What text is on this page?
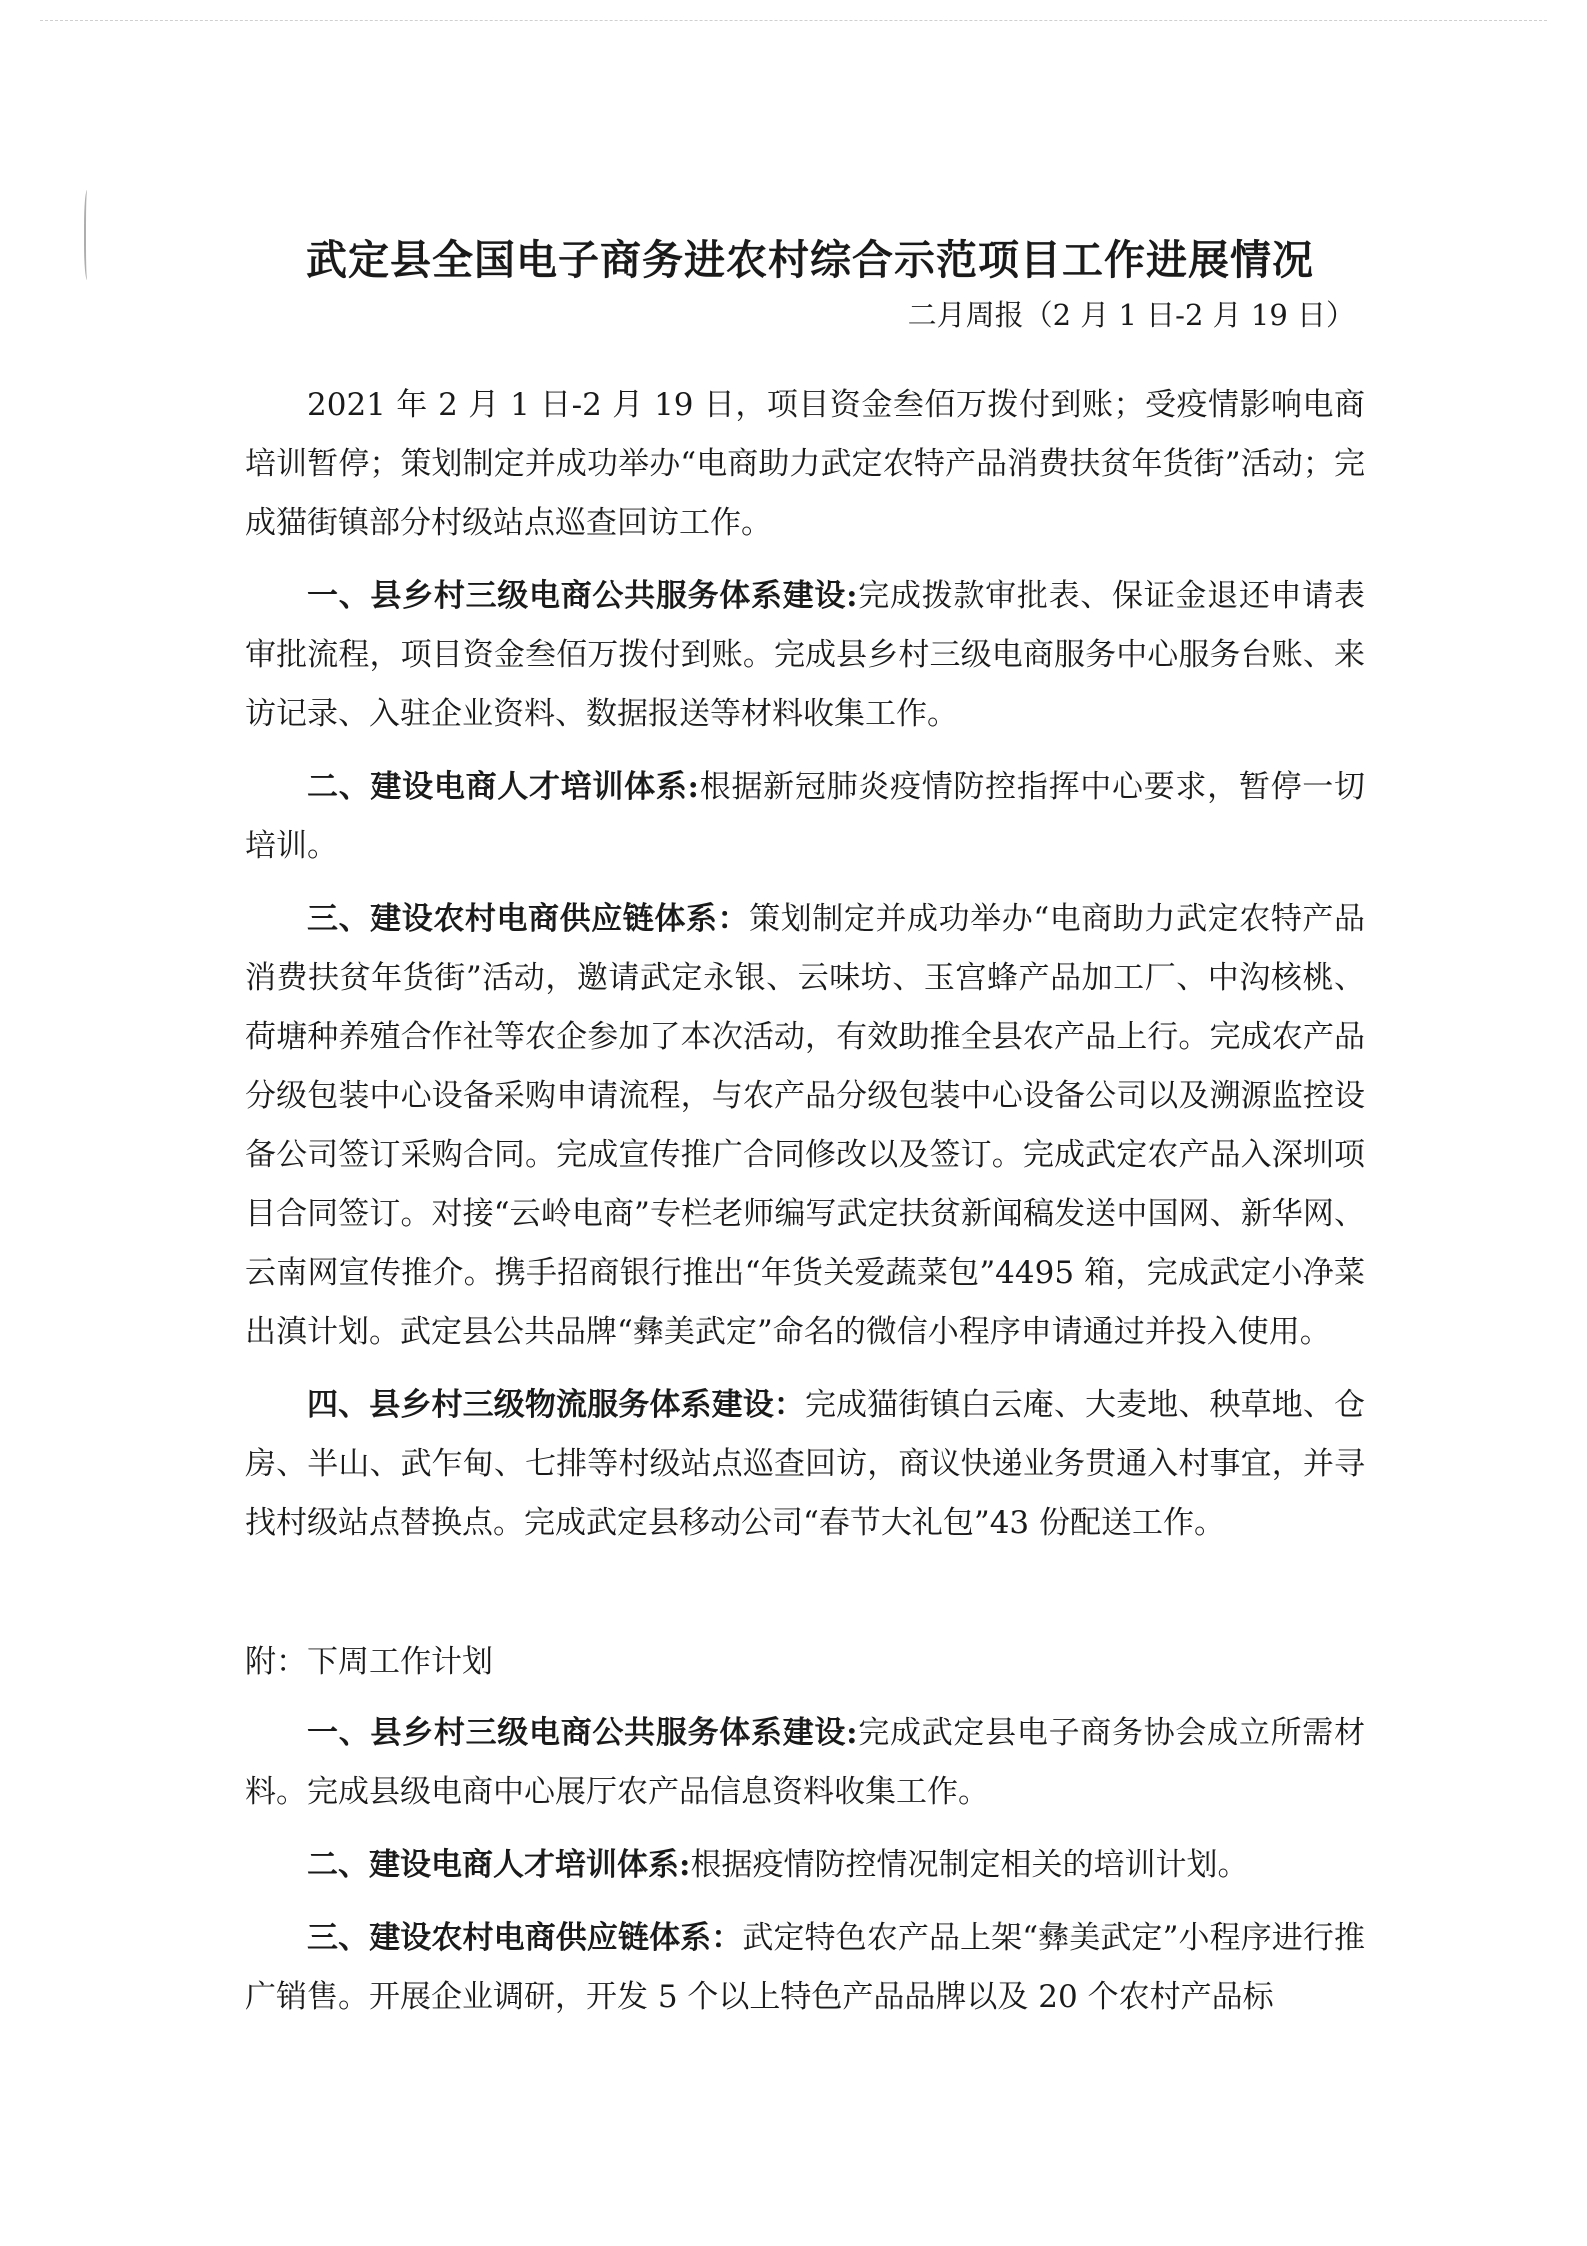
武定县全国电子商务进农村综合示范项目工作进展情况

二月周报（2 月 1 日-2 月 19 日）

2021 年 2 月 1 日-2 月 19 日，项目资金叁佰万拨付到账；受疫情影响电商培训暂停；策划制定并成功举办“电商助力武定农特产品消费扶贫年货街”活动；完成猫街镇部分村级站点巡查回访工作。

一、县乡村三级电商公共服务体系建设:完成拨款审批表、保证金退还申请表审批流程，项目资金叁佰万拨付到账。完成县乡村三级电商服务中心服务台账、来访记录、入驻企业资料、数据报送等材料收集工作。

二、建设电商人才培训体系:根据新冠肺炎疫情防控指挥中心要求，暂停一切培训。

三、建设农村电商供应链体系：策划制定并成功举办“电商助力武定农特产品消费扶贫年货街”活动，邀请武定永银、云味坊、玉宫蜂产品加工厂、中沟核桃、荷塘种养殖合作社等农企参加了本次活动，有效助推全县农产品上行。完成农产品分级包装中心设备采购申请流程，与农产品分级包装中心设备公司以及溯源监控设备公司签订采购合同。完成宣传推广合同修改以及签订。完成武定农产品入深圳项目合同签订。对接“云岭电商”专栏老师编写武定扶贫新闻稿发送中国网、新华网、云南网宣传推介。携手招商银行推出“年货关爱蔬菜包”4495 箱，完成武定小净菜出滇计划。武定县公共品牌“彝美武定”命名的微信小程序申请通过并投入使用。

四、县乡村三级物流服务体系建设：完成猫街镇白云庵、大麦地、秧草地、仓房、半山、武乍甸、七排等村级站点巡查回访，商议快递业务贯通入村事宜，并寻找村级站点替换点。完成武定县移动公司“春节大礼包”43 份配送工作。

附：下周工作计划

一、县乡村三级电商公共服务体系建设:完成武定县电子商务协会成立所需材料。完成县级电商中心展厅农产品信息资料收集工作。

二、建设电商人才培训体系:根据疫情防控情况制定相关的培训计划。

三、建设农村电商供应链体系：武定特色农产品上架“彝美武定”小程序进行推广销售。开展企业调研，开发 5 个以上特色产品品牌以及 20 个农村产品标
